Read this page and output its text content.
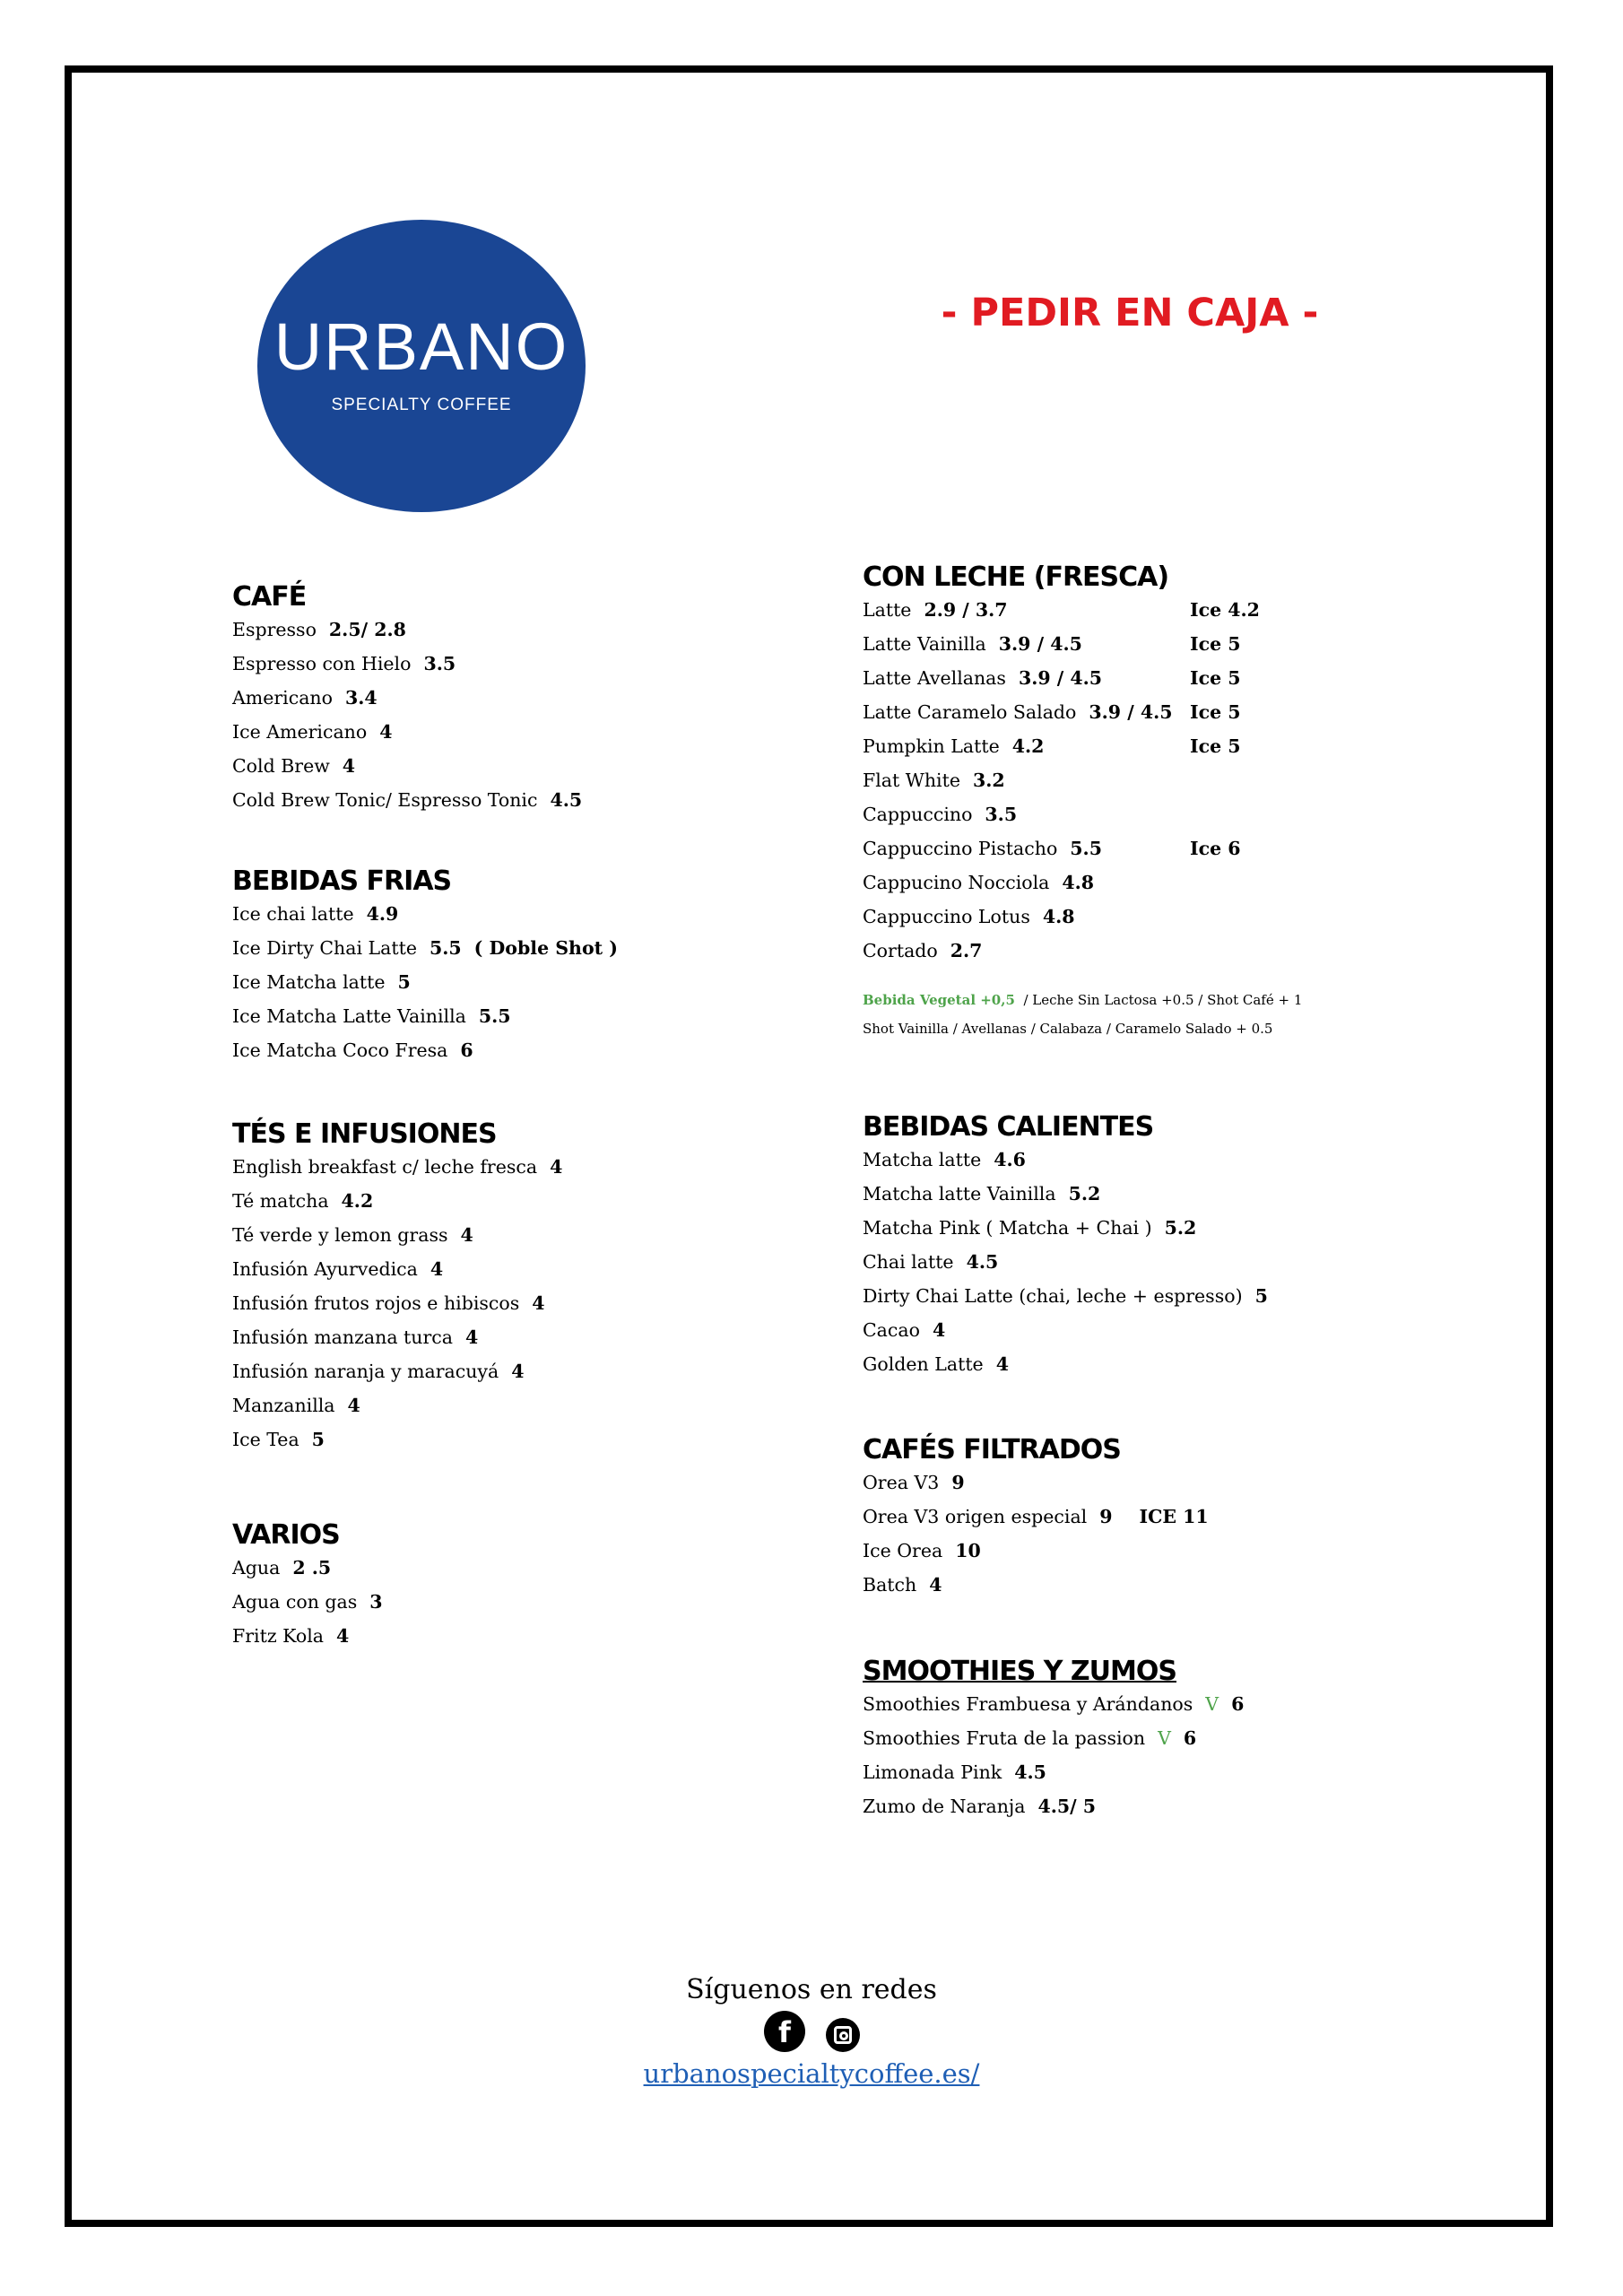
URBANO
SPECIALTY COFFEE
- PEDIR EN CAJA -
CAFÉ
Espresso 2.5/ 2.8
Espresso con Hielo 3.5
Americano 3.4
Ice Americano 4
Cold Brew 4
Cold Brew Tonic/ Espresso Tonic 4.5
BEBIDAS FRIAS
Ice chai latte 4.9
Ice Dirty Chai Latte 5.5 ( Doble Shot )
Ice Matcha latte 5
Ice Matcha Latte Vainilla 5.5
Ice Matcha Coco Fresa 6
TÉS E INFUSIONES
English breakfast c/ leche fresca 4
Té matcha 4.2
Té verde y lemon grass 4
Infusión Ayurvedica 4
Infusión frutos rojos e hibiscos 4
Infusión manzana turca 4
Infusión naranja y maracuyá 4
Manzanilla 4
Ice Tea 5
VARIOS
Agua 2 .5
Agua con gas 3
Fritz Kola 4
CON LECHE (FRESCA)
Latte 2.9 / 3.7	Ice 4.2
Latte Vainilla 3.9 / 4.5	Ice 5
Latte Avellanas 3.9 / 4.5	Ice 5
Latte Caramelo Salado 3.9 / 4.5 Ice 5
Pumpkin Latte 4.2	Ice 5
Flat White 3.2
Cappuccino 3.5
Cappuccino Pistacho 5.5	Ice 6
Cappucino Nocciola 4.8
Cappuccino Lotus 4.8
Cortado 2.7
Bebida Vegetal +0,5 / Leche Sin Lactosa +0.5 / Shot Café + 1
Shot Vainilla / Avellanas / Calabaza / Caramelo Salado + 0.5
BEBIDAS CALIENTES
Matcha latte 4.6
Matcha latte Vainilla 5.2
Matcha Pink ( Matcha + Chai ) 5.2
Chai latte 4.5
Dirty Chai Latte (chai, leche + espresso) 5
Cacao 4
Golden Latte 4
CAFÉS FILTRADOS
Orea V3 9
Orea V3 origen especial 9 ICE 11
Ice Orea 10
Batch 4
SMOOTHIES Y ZUMOS
Smoothies Frambuesa y Arándanos V 6
Smoothies Fruta de la passion V 6
Limonada Pink 4.5
Zumo de Naranja 4.5/ 5
Síguenos en redes
f
urbanospecialtycoffee.es/
